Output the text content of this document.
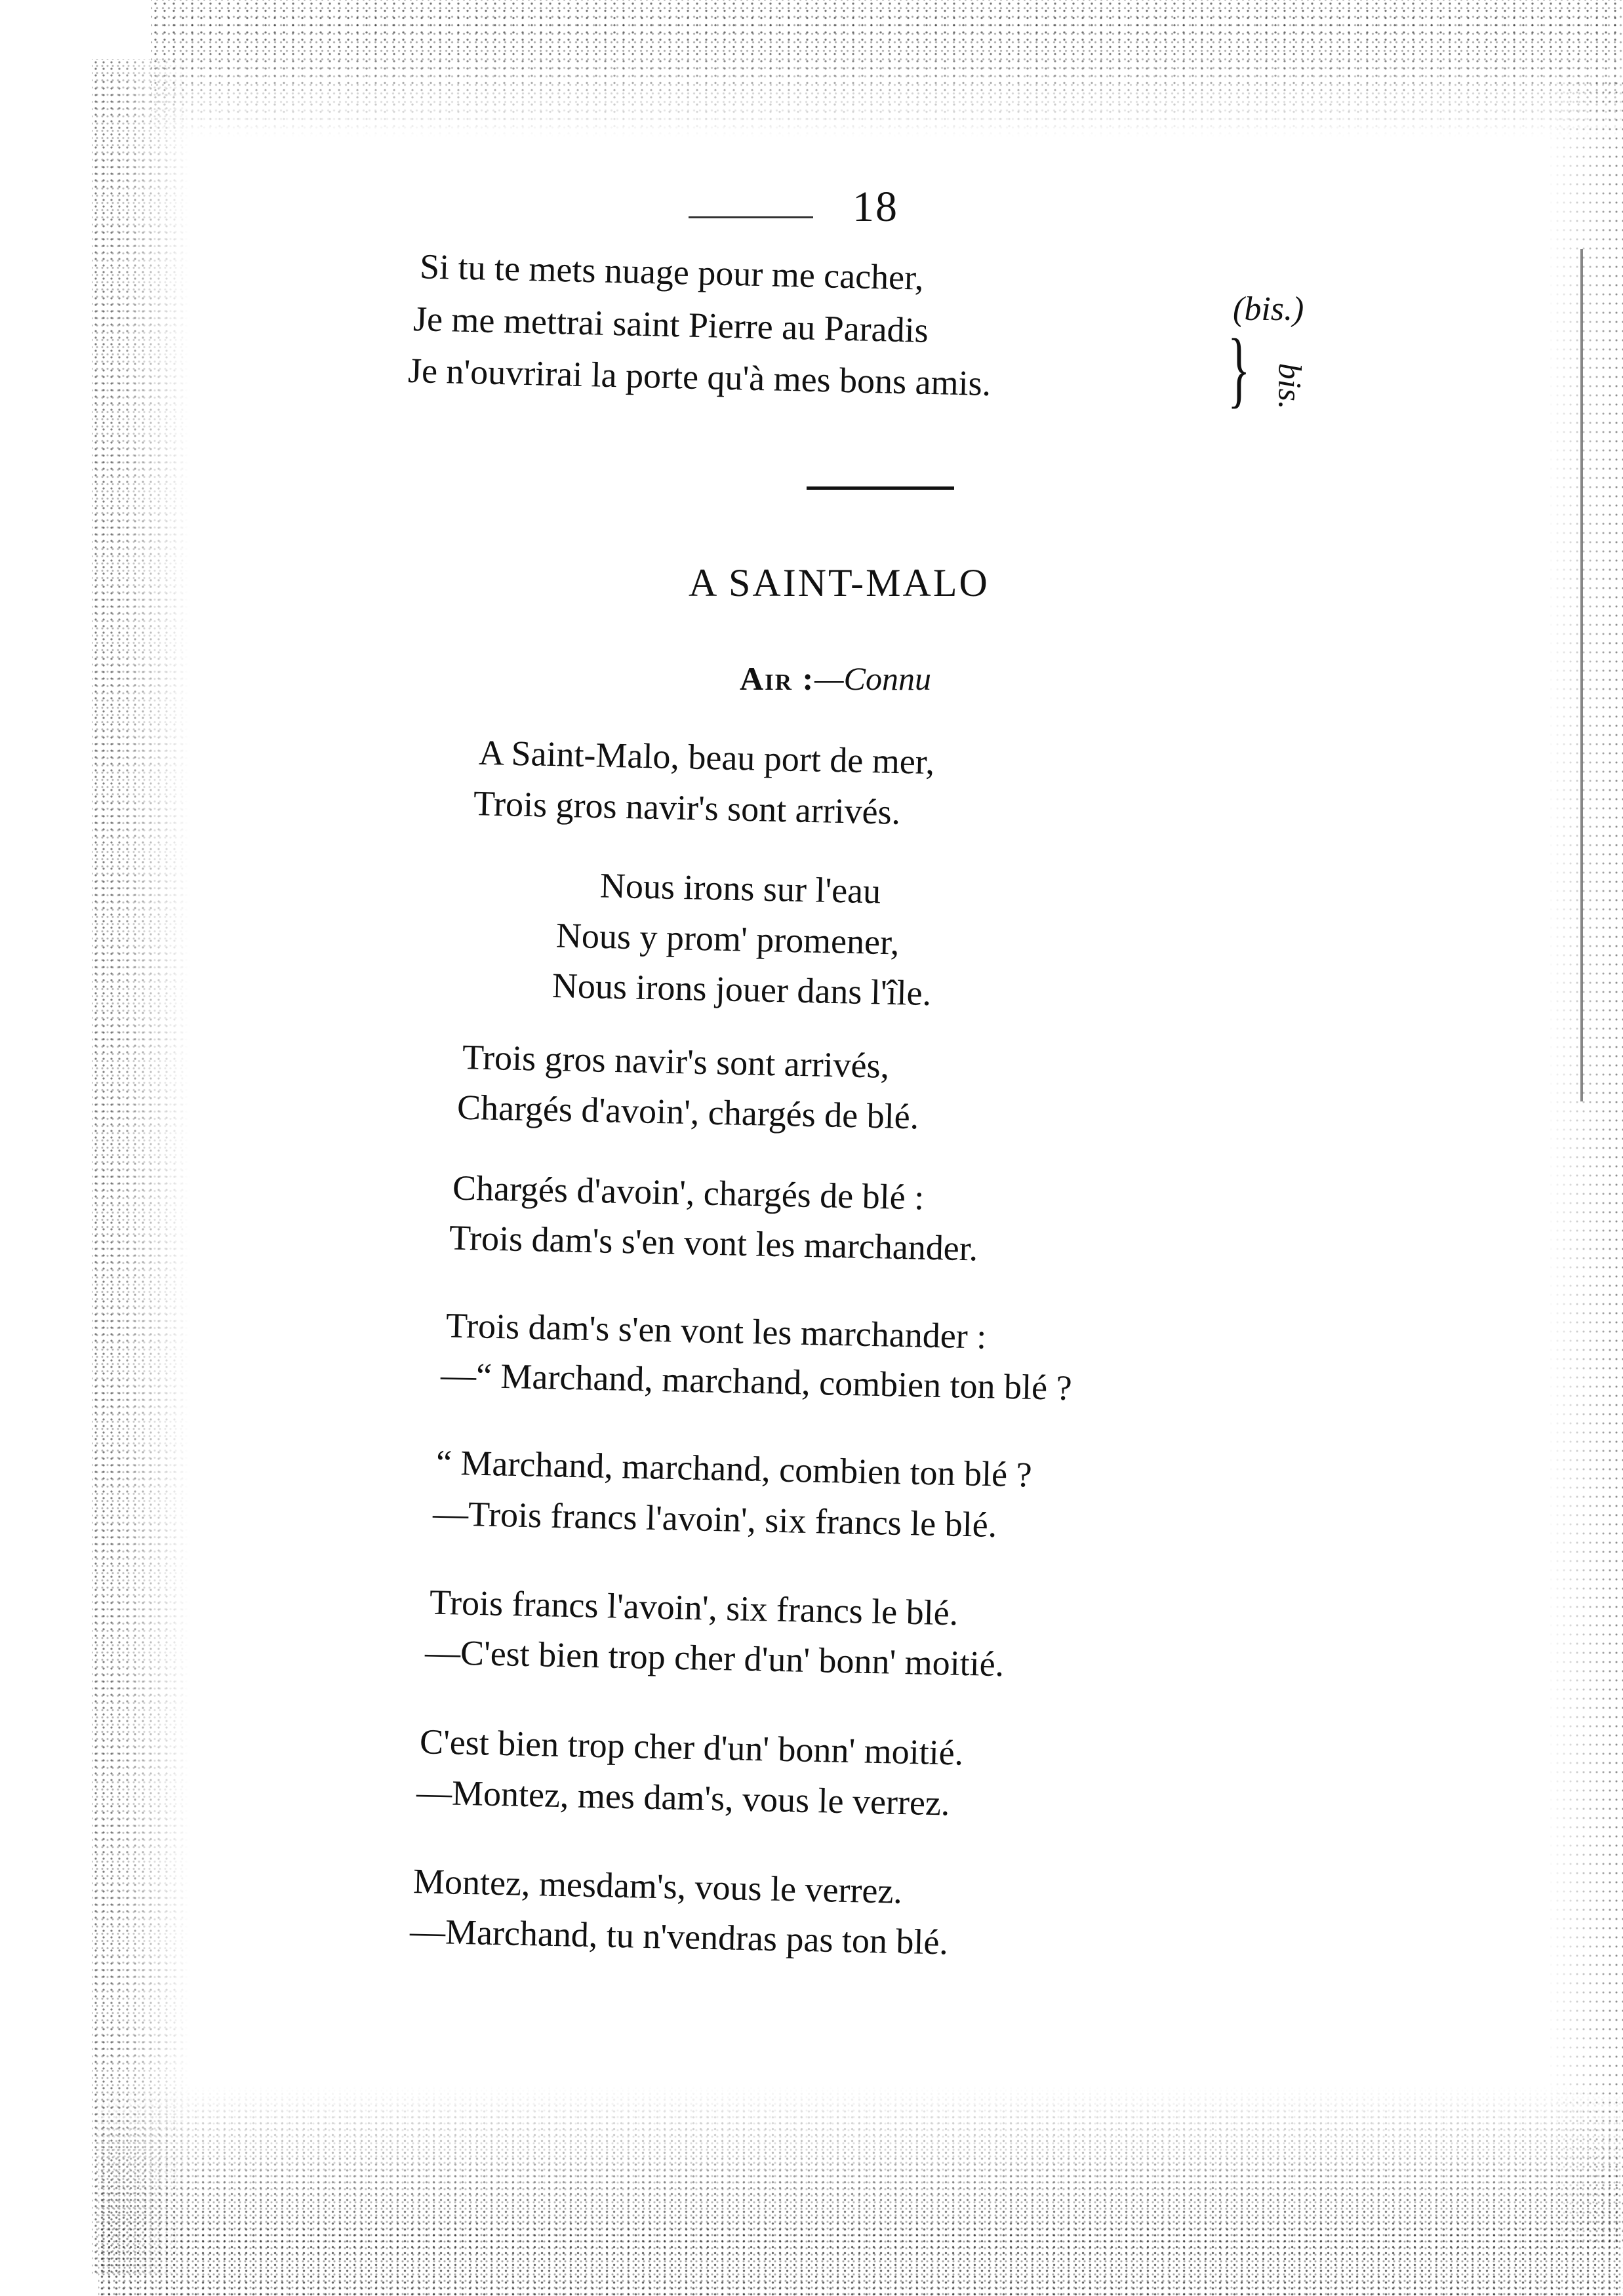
18
Si tu te mets nuage pour me cacher,
Je me mettrai saint Pierre au Paradis
Je n'ouvrirai la porte qu'à mes bons amis.
(bis.)
} bis.
A SAINT-MALO
Air :—Connu
A Saint-Malo, beau port de mer,
Trois gros navir's sont arrivés.
Nous irons sur l'eau
Nous y prom' promener,
Nous irons jouer dans l'île.
Trois gros navir's sont arrivés,
Chargés d'avoin', chargés de blé.
Chargés d'avoin', chargés de blé :
Trois dam's s'en vont les marchander.
Trois dam's s'en vont les marchander :
—“ Marchand, marchand, combien ton blé ?
“ Marchand, marchand, combien ton blé ?
—Trois francs l'avoin', six francs le blé.
Trois francs l'avoin', six francs le blé.
—C'est bien trop cher d'un' bonn' moitié.
C'est bien trop cher d'un' bonn' moitié.
—Montez, mes dam's, vous le verrez.
Montez, mesdam's, vous le verrez.
—Marchand, tu n'vendras pas ton blé.
